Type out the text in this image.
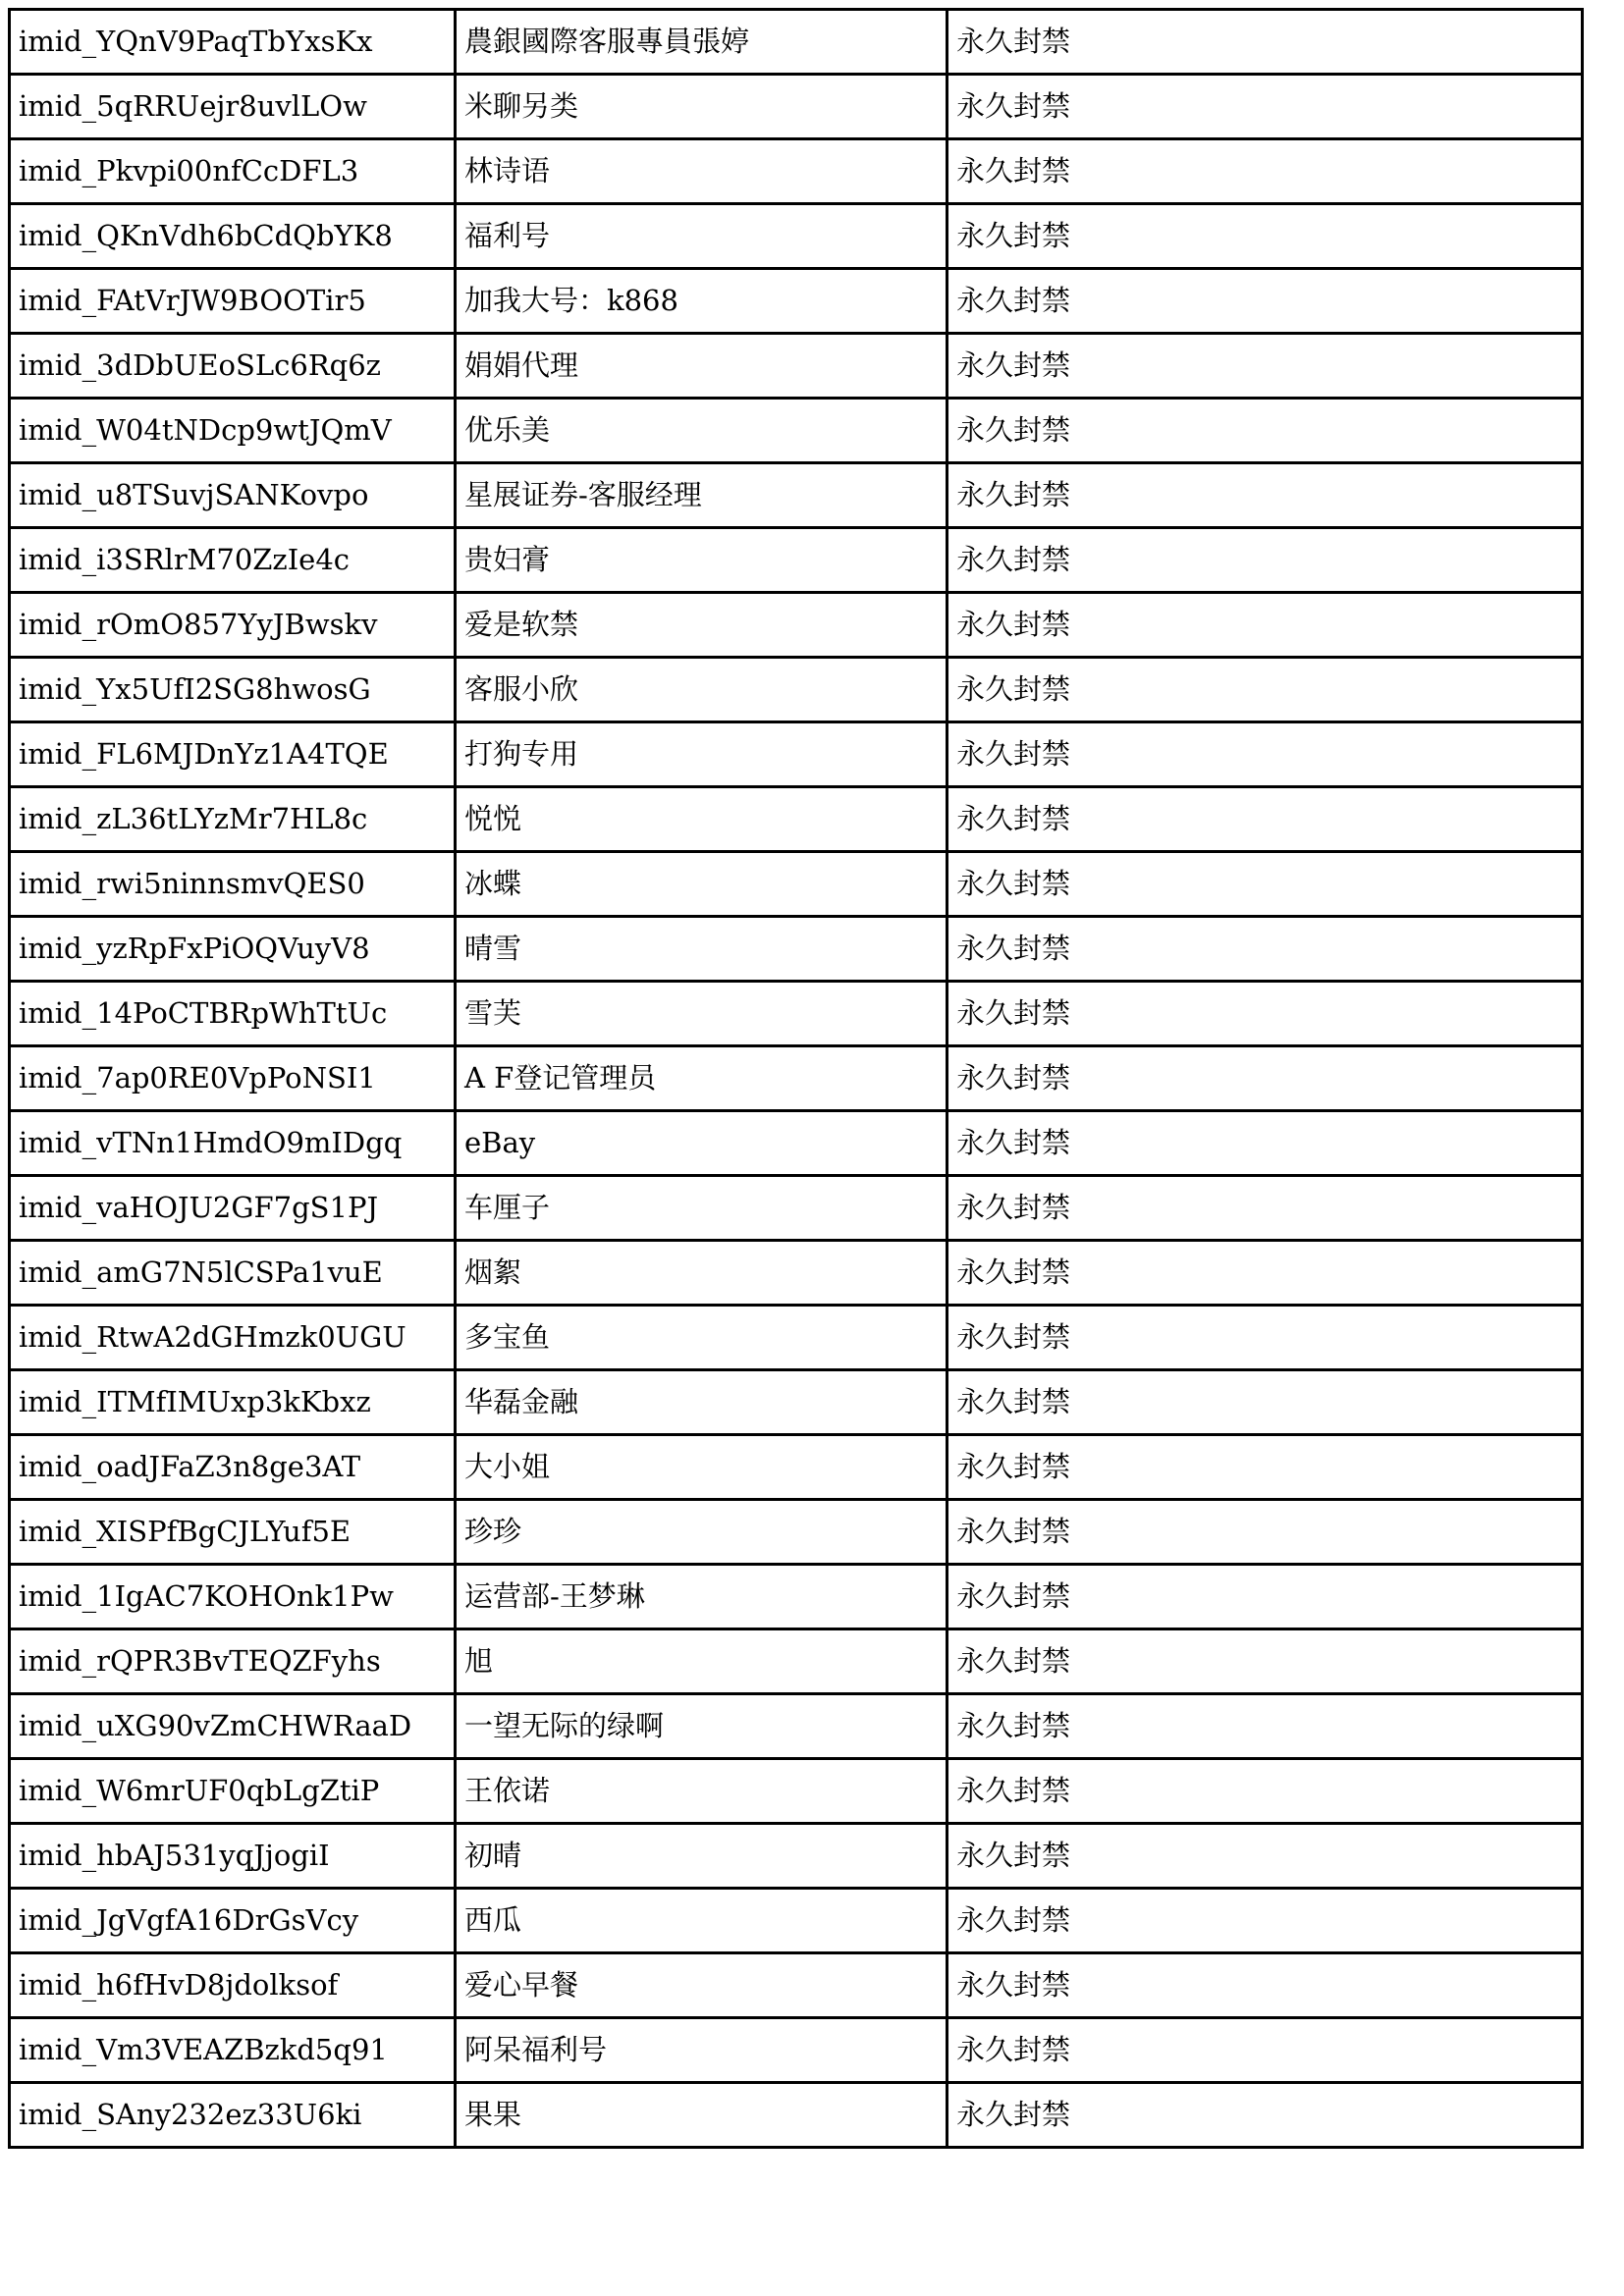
imid_YQnV9PaqTbYxsKx	農銀國際客服專員張婷	永久封禁
imid_5qRRUejr8uvlLOw	米聊另类	永久封禁
imid_Pkvpi00nfCcDFL3	林诗语	永久封禁
imid_QKnVdh6bCdQbYK8	福利号	永久封禁
imid_FAtVrJW9BOOTir5	加我大号：k868	永久封禁
imid_3dDbUEoSLc6Rq6z	娟娟代理	永久封禁
imid_W04tNDcp9wtJQmV	优乐美	永久封禁
imid_u8TSuvjSANKovpo	星展证券-客服经理	永久封禁
imid_i3SRlrM70ZzIe4c	贵妇膏	永久封禁
imid_rOmO857YyJBwskv	爱是软禁	永久封禁
imid_Yx5UfI2SG8hwosG	客服小欣	永久封禁
imid_FL6MJDnYz1A4TQE	打狗专用	永久封禁
imid_zL36tLYzMr7HL8c	悦悦	永久封禁
imid_rwi5ninnsmvQES0	冰蝶	永久封禁
imid_yzRpFxPiOQVuyV8	晴雪	永久封禁
imid_14PoCTBRpWhTtUc	雪芙	永久封禁
imid_7ap0RE0VpPoNSI1	A F登记管理员	永久封禁
imid_vTNn1HmdO9mIDgq	eBay	永久封禁
imid_vaHOJU2GF7gS1PJ	车厘子	永久封禁
imid_amG7N5lCSPa1vuE	烟絮	永久封禁
imid_RtwA2dGHmzk0UGU	多宝鱼	永久封禁
imid_ITMfIMUxp3kKbxz	华磊金融	永久封禁
imid_oadJFaZ3n8ge3AT	大小姐	永久封禁
imid_XISPfBgCJLYuf5E	珍珍	永久封禁
imid_1IgAC7KOHOnk1Pw	运营部-王梦琳	永久封禁
imid_rQPR3BvTEQZFyhs	旭	永久封禁
imid_uXG90vZmCHWRaaD	一望无际的绿啊	永久封禁
imid_W6mrUF0qbLgZtiP	王依诺	永久封禁
imid_hbAJ531yqJjogiI	初晴	永久封禁
imid_JgVgfA16DrGsVcy	西瓜	永久封禁
imid_h6fHvD8jdolksof	爱心早餐	永久封禁
imid_Vm3VEAZBzkd5q91	阿呆福利号	永久封禁
imid_SAny232ez33U6ki	果果	永久封禁
